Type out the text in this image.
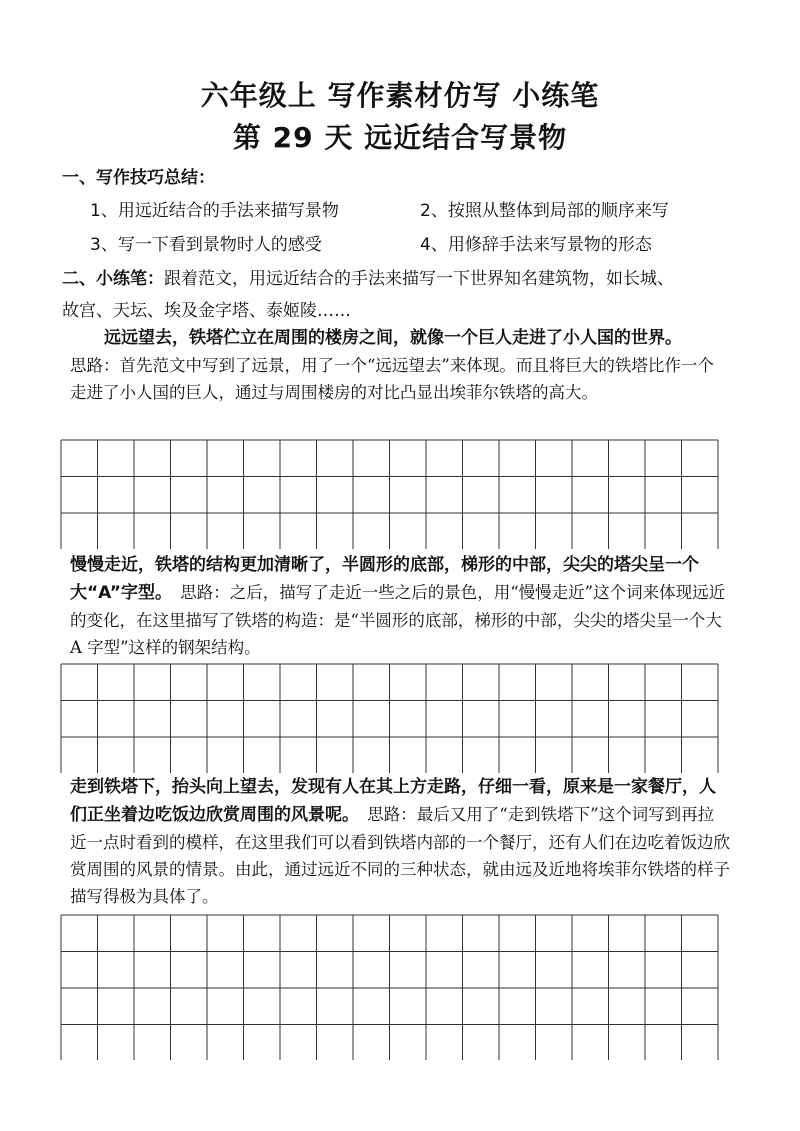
六年级上 写作素材仿写 小练笔
第 29 天 远近结合写景物
一、写作技巧总结：
1、用远近结合的手法来描写景物	2、按照从整体到局部的顺序来写
3、写一下看到景物时人的感受	4、用修辞手法来写景物的形态
二、小练笔：跟着范文，用远近结合的手法来描写一下世界知名建筑物，如长城、
故宫、天坛、埃及金字塔、泰姬陵……
远远望去，铁塔伫立在周围的楼房之间，就像一个巨人走进了小人国的世界。
思路：首先范文中写到了远景，用了一个“远远望去”来体现。而且将巨大的铁塔比作一个走进了小人国的巨人，通过与周围楼房的对比凸显出埃菲尔铁塔的高大。
慢慢走近，铁塔的结构更加清晰了，半圆形的底部，梯形的中部，尖尖的塔尖呈一个大“A”字型。 思路：之后，描写了走近一些之后的景色，用“慢慢走近”这个词来体现远近的变化，在这里描写了铁塔的构造：是“半圆形的底部，梯形的中部，尖尖的塔尖呈一个大 A 字型”这样的钢架结构。
走到铁塔下，抬头向上望去，发现有人在其上方走路，仔细一看，原来是一家餐厅，人们正坐着边吃饭边欣赏周围的风景呢。 思路：最后又用了“走到铁塔下”这个词写到再拉近一点时看到的模样，在这里我们可以看到铁塔内部的一个餐厅，还有人们在边吃着饭边欣赏周围的风景的情景。由此，通过远近不同的三种状态，就由远及近地将埃菲尔铁塔的样子描写得极为具体了。
